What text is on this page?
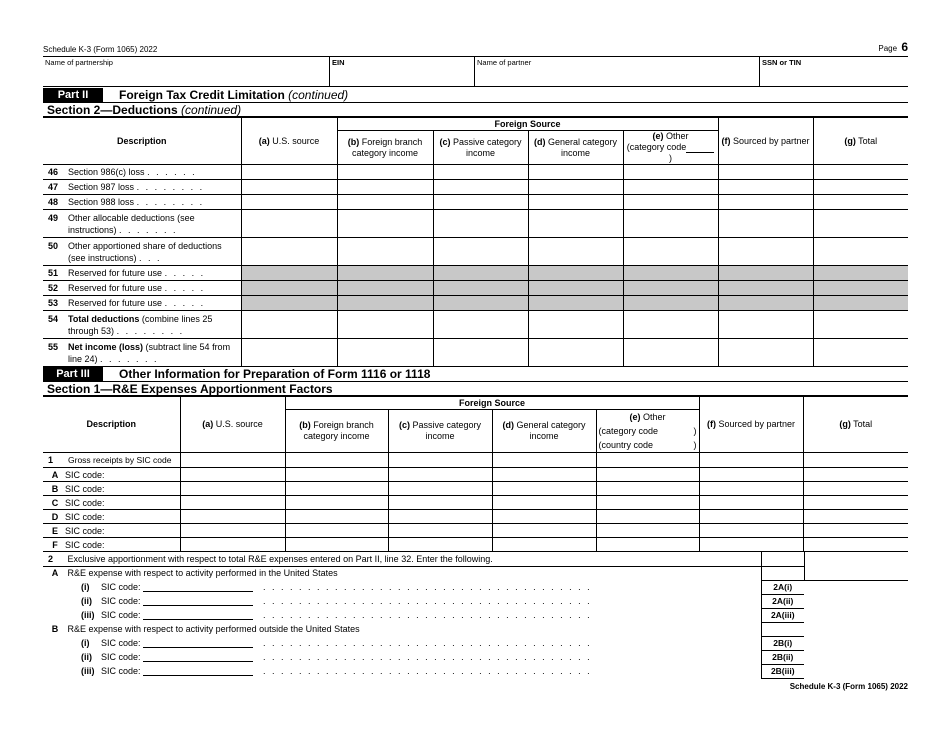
Schedule K-3 (Form 1065) 2022	Page 6
Name of partnership	EIN	Name of partner	SSN or TIN
Part II	Foreign Tax Credit Limitation (continued)
Section 2—Deductions (continued)
Description	(a) U.S. source	Foreign Source				(f) Sourced by partner	(g) Total
		(b) Foreign branch category income	(c) Passive category income	(d) General category income	(e) Other
(category code)		

46 Section 986(c) loss . . . . . .							

47 Section 987 loss . . . . . . . .							

48 Section 988 loss . . . . . . . .							

49 Other allocable deductions (see instructions) . . . . . . .							

50 Other apportioned share of deductions (see instructions) . . .							

51 Reserved for future use . . . . .							

52 Reserved for future use . . . . .							

53 Reserved for future use . . . . .							

54 Total deductions (combine lines 25 through 53) . . . . . . . .							

55 Net income (loss) (subtract line 54 from line 24) . . . . . . .							

Part III	Other Information for Preparation of Form 1116 or 1118
Section 1—R&E Expenses Apportionment Factors
Description	(a) U.S. source	Foreign Source				(f) Sourced by partner	(g) Total
		(b) Foreign branch category income	(c) Passive category income	(d) General category income	(e) Other

(category code )

(country code )		

1 Gross receipts by SIC code							

A SIC code:							
B SIC code:							
C SIC code:							
D SIC code:							
E SIC code:							
F SIC code:							
2 Exclusive apportionment with respect to total R&E expenses entered on Part II, line 32. Enter the following.		
A R&E expense with respect to activity performed in the United States		
(i) SIC code: . . . . . . . . . . . . . . . . . . . . . . . . . . . . . . . . . . . . .	2A(i)	
(ii) SIC code: . . . . . . . . . . . . . . . . . . . . . . . . . . . . . . . . . . . . .	2A(ii)	
(iii) SIC code: . . . . . . . . . . . . . . . . . . . . . . . . . . . . . . . . . . . . .	2A(iii)	
B R&E expense with respect to activity performed outside the United States		
(i) SIC code: . . . . . . . . . . . . . . . . . . . . . . . . . . . . . . . . . . . . .	2B(i)	
(ii) SIC code: . . . . . . . . . . . . . . . . . . . . . . . . . . . . . . . . . . . . .	2B(ii)	
(iii) SIC code: . . . . . . . . . . . . . . . . . . . . . . . . . . . . . . . . . . . . .	2B(iii)	
Schedule K-3 (Form 1065) 2022
